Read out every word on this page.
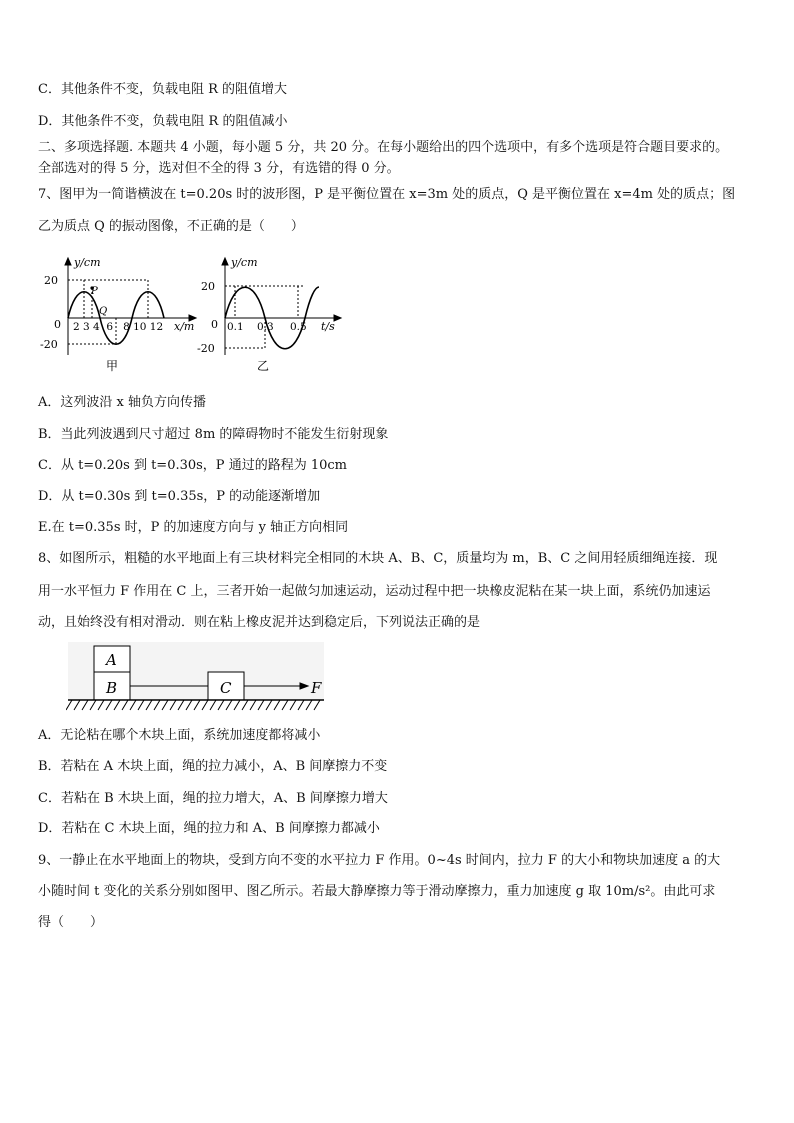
C．其他条件不变，负载电阻 R 的阻值增大
D．其他条件不变，负载电阻 R 的阻值减小
二、多项选择题. 本题共 4 小题，每小题 5 分，共 20 分。在每小题给出的四个选项中，有多个选项是符合题目要求的。
全部选对的得 5 分，选对但不全的得 3 分，有选错的得 0 分。
7、图甲为一简谐横波在 t=0.20s 时的波形图，P 是平衡位置在 x=3m 处的质点，Q 是平衡位置在 x=4m 处的质点；图
乙为质点 Q 的振动图像，不正确的是（　　）
y/cm
20
-20
0 2 3 4  6   8 10 12 x/m
P
Q
甲
y/cm
20
-20
0 0.1 0.3 0.5 t/s
乙
A．这列波沿 x 轴负方向传播
B．当此列波遇到尺寸超过 8m 的障碍物时不能发生衍射现象
C．从 t=0.20s 到 t=0.30s，P 通过的路程为 10cm
D．从 t=0.30s 到 t=0.35s，P 的动能逐渐增加
E.在 t=0.35s 时，P 的加速度方向与 y 轴正方向相同
8、如图所示，粗糙的水平地面上有三块材料完全相同的木块 A、B、C，质量均为 m，B、C 之间用轻质细绳连接．现
用一水平恒力 F 作用在 C 上，三者开始一起做匀加速运动，运动过程中把一块橡皮泥粘在某一块上面，系统仍加速运
动，且始终没有相对滑动．则在粘上橡皮泥并达到稳定后，下列说法正确的是
A
B	C	F
A．无论粘在哪个木块上面，系统加速度都将减小
B．若粘在 A 木块上面，绳的拉力减小，A、B 间摩擦力不变
C．若粘在 B 木块上面，绳的拉力增大，A、B 间摩擦力增大
D．若粘在 C 木块上面，绳的拉力和 A、B 间摩擦力都减小
9、一静止在水平地面上的物块，受到方向不变的水平拉力 F 作用。0~4s 时间内，拉力 F 的大小和物块加速度 a 的大
小随时间 t 变化的关系分别如图甲、图乙所示。若最大静摩擦力等于滑动摩擦力，重力加速度 g 取 10m/s²。由此可求
得（　　）
